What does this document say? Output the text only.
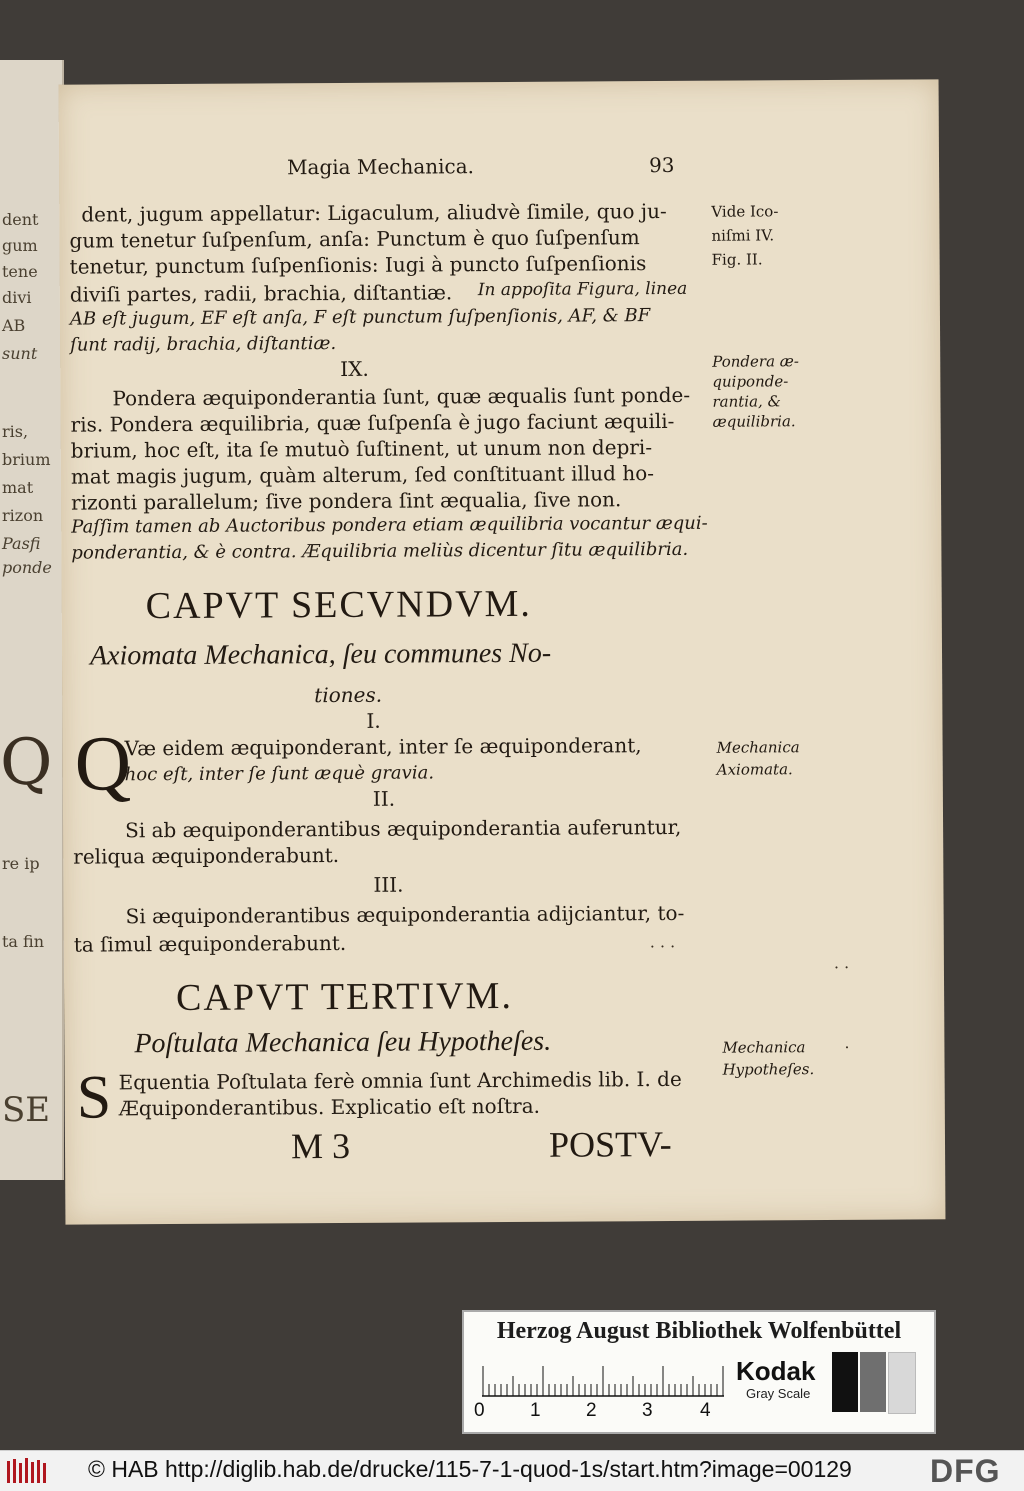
dent
gum
tene
divi
AB
sunt
ris,
brium
mat
rizon
Pasfi
ponde
Q
re ip
ta fin
SE
Magia Mechanica.	93
dent, jugum appellatur: Ligaculum, aliudvè ſimile, quo ju-
gum tenetur ſuſpenſum, anſa: Punctum è quo ſuſpenſum
tenetur, punctum ſuſpenſionis: Iugi à puncto ſuſpenſionis
diviſi partes, radii, brachia, diſtantiæ. In appoſita Figura, linea
AB eſt jugum, EF eſt anſa, F eſt punctum ſuſpenſionis, AF, & BF
ſunt radij, brachia, diſtantiæ.
IX.
Pondera æquiponderantia ſunt, quæ æqualis ſunt ponde-
ris. Pondera æquilibria, quæ ſuſpenſa è jugo faciunt æquili-
brium, hoc eſt, ita ſe mutuò ſuſtinent, ut unum non depri-
mat magis jugum, quàm alterum, ſed conſtituant illud ho-
rizonti parallelum; ſive pondera ſint æqualia, ſive non.
Paſſim tamen ab Auctoribus pondera etiam æquilibria vocantur æqui-
ponderantia, & è contra. Æquilibria meliùs dicentur ſitu æquilibria.
CAPVT SECVNDVM.
Axiomata Mechanica, ſeu communes No-
tiones.
I.
Q
Væ eidem æquiponderant, inter ſe æquiponderant,
hoc eſt, inter ſe ſunt æquè gravia.
II.
Si ab æquiponderantibus æquiponderantia auferuntur,
reliqua æquiponderabunt.
III.
Si æquiponderantibus æquiponderantia adijciantur, to-
ta ſimul æquiponderabunt.
CAPVT TERTIVM.
Poſtulata Mechanica ſeu Hypotheſes.
S Equentia Poſtulata ferè omnia ſunt Archimedis lib. I. de
Æquiponderantibus. Explicatio eſt noſtra.
M 3	POSTV-
Vide Ico-
niſmi IV.
Fig. II.
Pondera æ-
quiponde-
rantia, &
æquilibria.
Mechanica
Axiomata.
Mechanica
Hypotheſes.
· · ·
· ·
·
Herzog August Bibliothek Wolfenbüttel
0 1 2 3 4
Kodak
Gray Scale
© HAB http://diglib.hab.de/drucke/115-7-1-quod-1s/start.htm?image=00129 DFG
